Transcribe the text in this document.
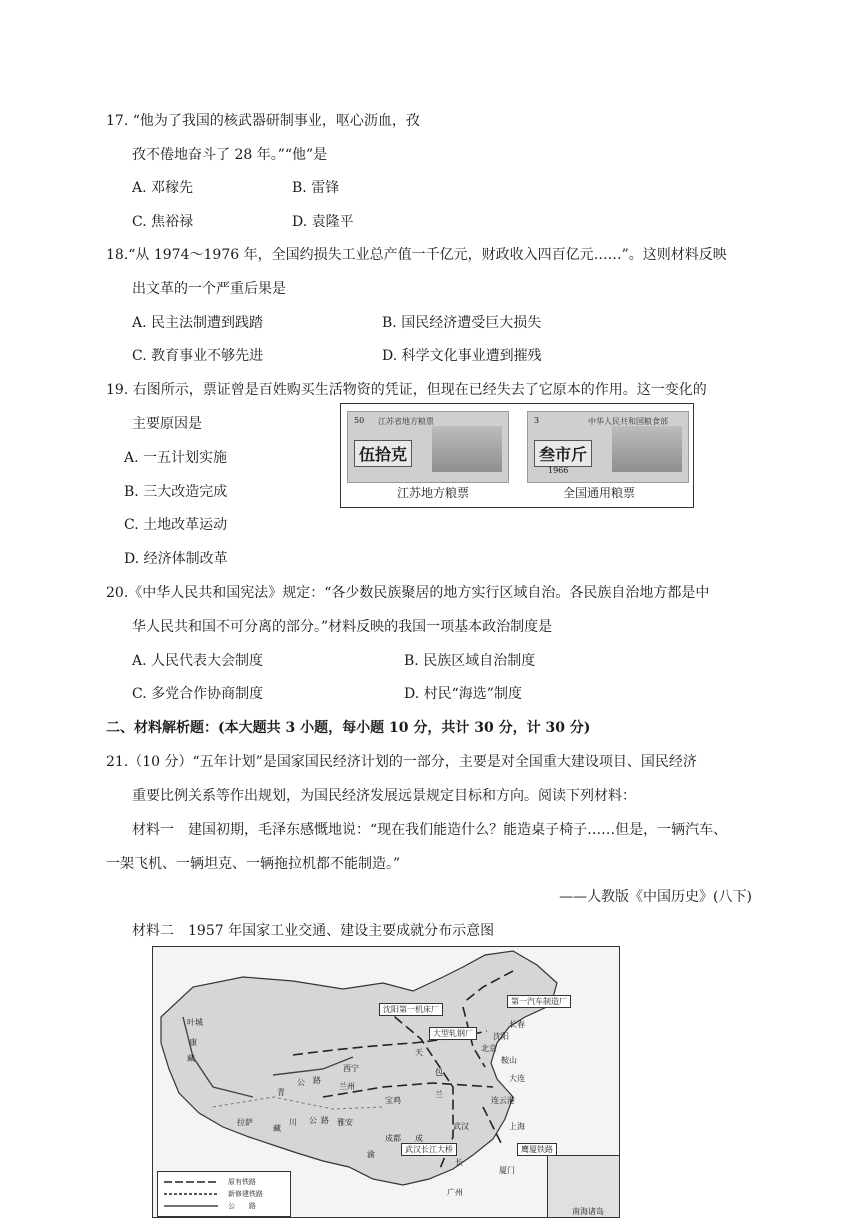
17. “他为了我国的核武器研制事业，呕心沥血，孜
孜不倦地奋斗了 28 年。”“他”是
A. 邓稼先	B. 雷锋
C. 焦裕禄	D. 袁隆平
18.“从 1974～1976 年，全国约损失工业总产值一千亿元，财政收入四百亿元……”。这则材料反映
出文革的一个严重后果是
A. 民主法制遭到践踏	B. 国民经济遭受巨大损失
C. 教育事业不够先进	D. 科学文化事业遭到摧残
19. 右图所示，票证曾是百姓购买生活物资的凭证，但现在已经失去了它原本的作用。这一变化的
主要原因是
A. 一五计划实施
B. 三大改造完成
C. 土地改革运动
D. 经济体制改革
50 江苏省地方粮票
伍拾克
江苏地方粮票
3	中华人民共和国粮食部
叁市斤
1966
全国通用粮票
20.《中华人民共和国宪法》规定：“各少数民族聚居的地方实行区域自治。各民族自治地方都是中
华人民共和国不可分离的部分。”材料反映的我国一项基本政治制度是
A. 人民代表大会制度	B. 民族区域自治制度
C. 多党合作协商制度	D. 村民“海选”制度
二、材料解析题：(本大题共 3 小题，每小题 10 分，共计 30 分，计 30 分)
21.（10 分）“五年计划”是国家国民经济计划的一部分，主要是对全国重大建设项目、国民经济
重要比例关系等作出规划，为国民经济发展远景规定目标和方向。阅读下列材料：
材料一　建国初期，毛泽东感慨地说：“现在我们能造什么？能造桌子椅子……但是，一辆汽车、
一架飞机、一辆坦克、一辆拖拉机都不能制造。”
——人教版《中国历史》(八下)
材料二　1957 年国家工业交通、建设主要成就分布示意图
沈阳第一机床厂
第一汽车制造厂
大型轧钢厂	沈阳
长春
北京
鞍山
大连
西宁
兰州
宝鸡	连云港
武汉	上海
成都
拉萨	雅安
武汉长江大桥	鹰厦铁路
厦门
广州
叶城
康
藏
青
公 路
川
藏
公 路
成
渝
天
包
兰
长
原有铁路
新修建铁路
公　　路
南海诸岛
